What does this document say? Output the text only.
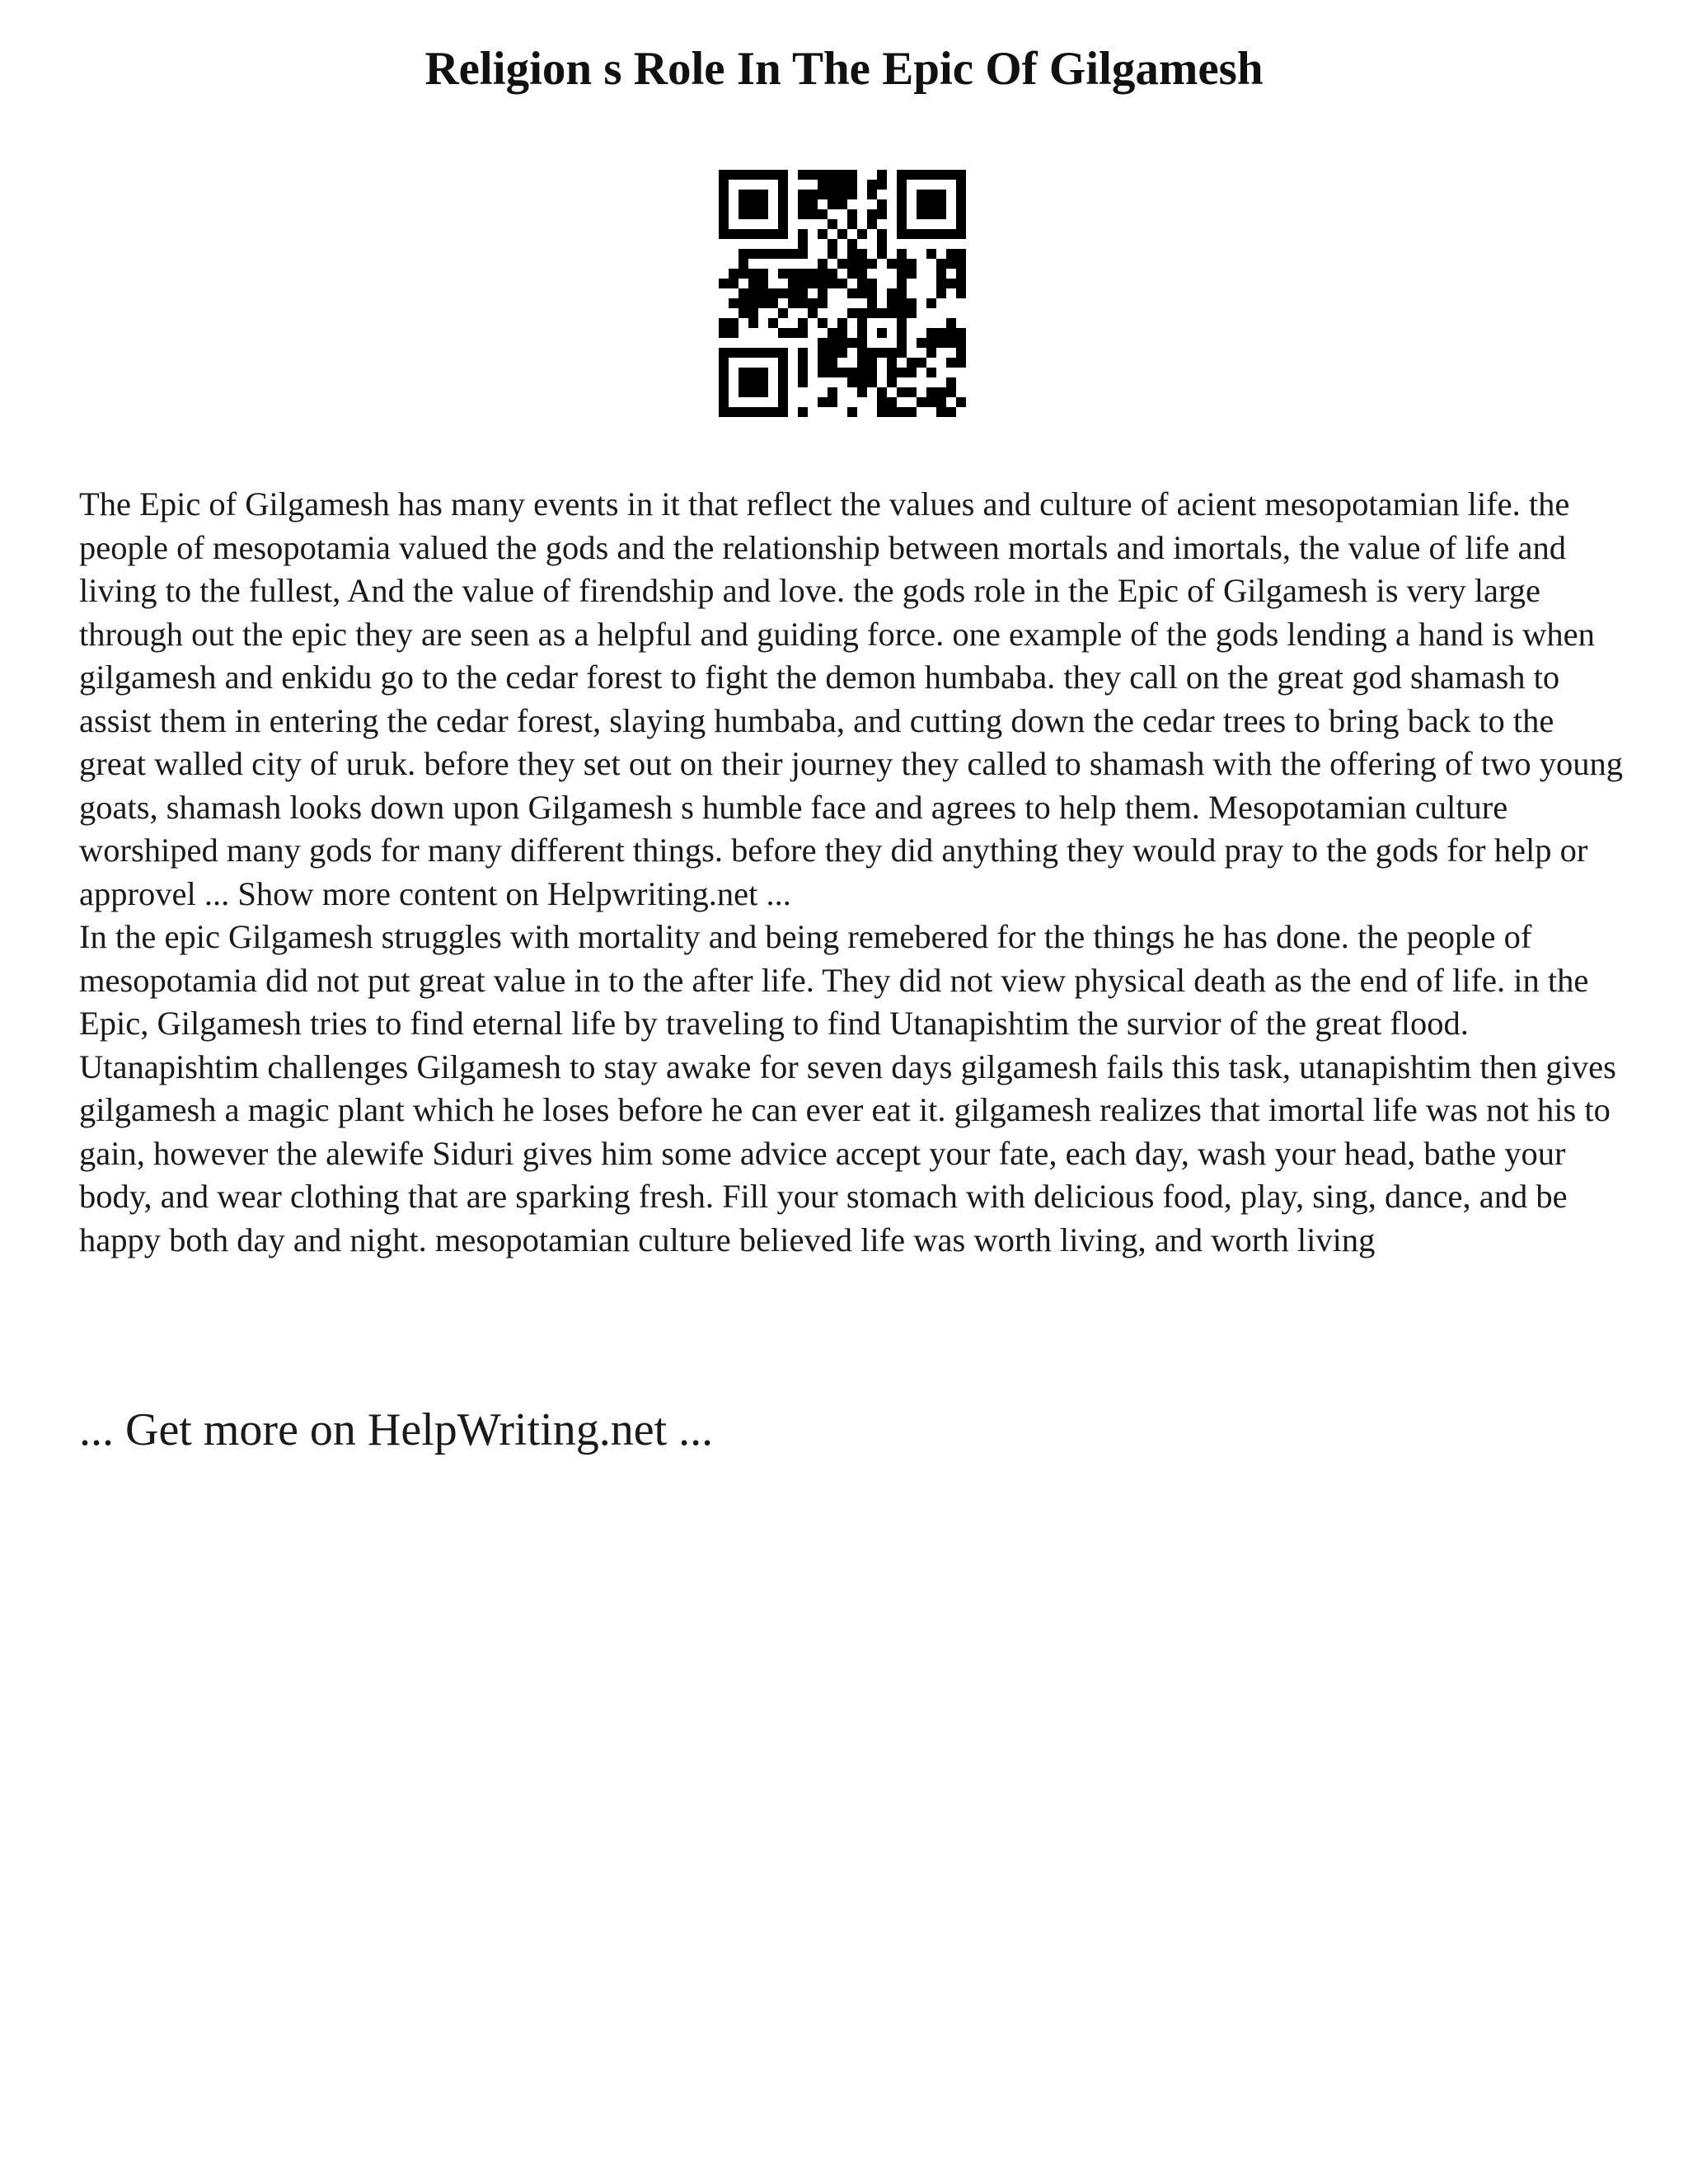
Religion s Role In The Epic Of Gilgamesh

The Epic of Gilgamesh has many events in it that reflect the values and culture of acient mesopotamian life. the people of mesopotamia valued the gods and the relationship between mortals and imortals, the value of life and living to the fullest, And the value of firendship and love. the gods role in the Epic of Gilgamesh is very large through out the epic they are seen as a helpful and guiding force. one example of the gods lending a hand is when gilgamesh and enkidu go to the cedar forest to fight the demon humbaba. they call on the great god shamash to assist them in entering the cedar forest, slaying humbaba, and cutting down the cedar trees to bring back to the great walled city of uruk. before they set out on their journey they called to shamash with the offering of two young goats, shamash looks down upon Gilgamesh s humble face and agrees to help them. Mesopotamian culture worshiped many gods for many different things. before they did anything they would pray to the gods for help or approvel ... Show more content on Helpwriting.net ...

In the epic Gilgamesh struggles with mortality and being remebered for the things he has done. the people of mesopotamia did not put great value in to the after life. They did not view physical death as the end of life. in the Epic, Gilgamesh tries to find eternal life by traveling to find Utanapishtim the survior of the great flood. Utanapishtim challenges Gilgamesh to stay awake for seven days gilgamesh fails this task, utanapishtim then gives gilgamesh a magic plant which he loses before he can ever eat it. gilgamesh realizes that imortal life was not his to gain, however the alewife Siduri gives him some advice accept your fate, each day, wash your head, bathe your body, and wear clothing that are sparking fresh. Fill your stomach with delicious food, play, sing, dance, and be happy both day and night. mesopotamian culture believed life was worth living, and worth living

... Get more on HelpWriting.net ...
